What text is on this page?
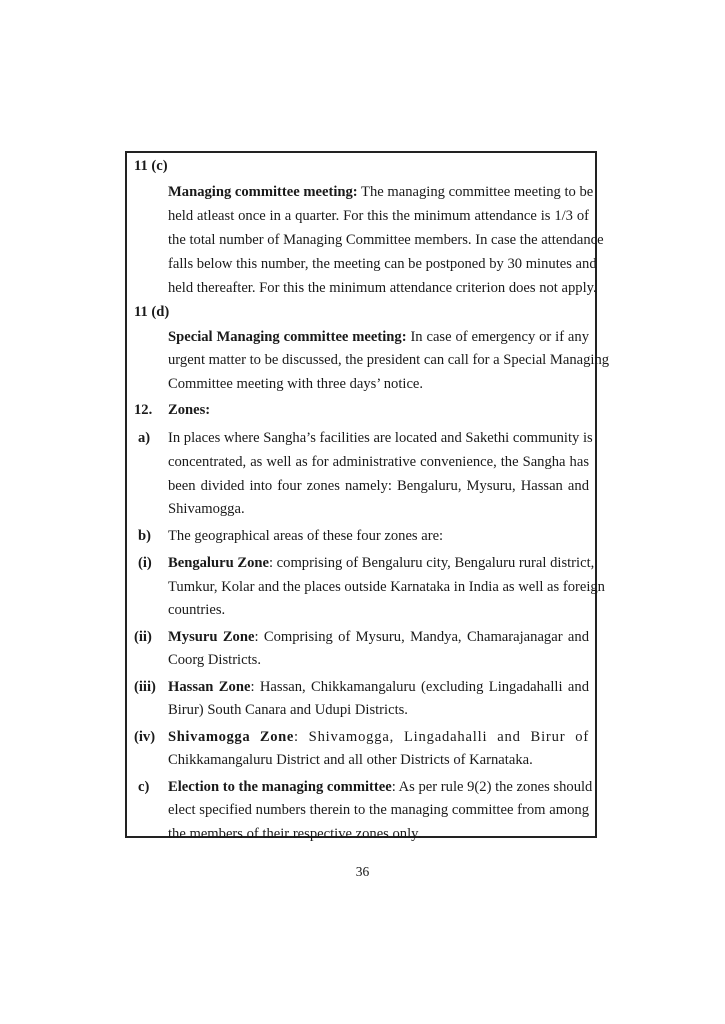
11 (c)
Managing committee meeting: The managing committee meeting to be
held atleast once in a quarter. For this the minimum attendance is 1/3 of
the total number of Managing Committee members. In case the attendance
falls below this number, the meeting can be postponed by 30 minutes and
held thereafter. For this the minimum attendance criterion does not apply.
11 (d)
Special Managing committee meeting: In case of emergency or if any
urgent matter to be discussed, the president can call for a Special Managing
Committee meeting with three days’ notice.
12. Zones:
a) In places where Sangha’s facilities are located and Sakethi community is
concentrated, as well as for administrative convenience, the Sangha has
been divided into four zones namely: Bengaluru, Mysuru, Hassan and
Shivamogga.
b) The geographical areas of these four zones are:
(i) Bengaluru Zone: comprising of Bengaluru city, Bengaluru rural district,
Tumkur, Kolar and the places outside Karnataka in India as well as foreign
countries.
(ii) Mysuru Zone: Comprising of Mysuru, Mandya, Chamarajanagar and
Coorg Districts.
(iii) Hassan Zone: Hassan, Chikkamangaluru (excluding Lingadahalli and
Birur) South Canara and Udupi Districts.
(iv) Shivamogga Zone: Shivamogga, Lingadahalli and Birur of
Chikkamangaluru District and all other Districts of Karnataka.
c) Election to the managing committee: As per rule 9(2) the zones should
elect specified numbers therein to the managing committee from among
the members of their respective zones only.
36
